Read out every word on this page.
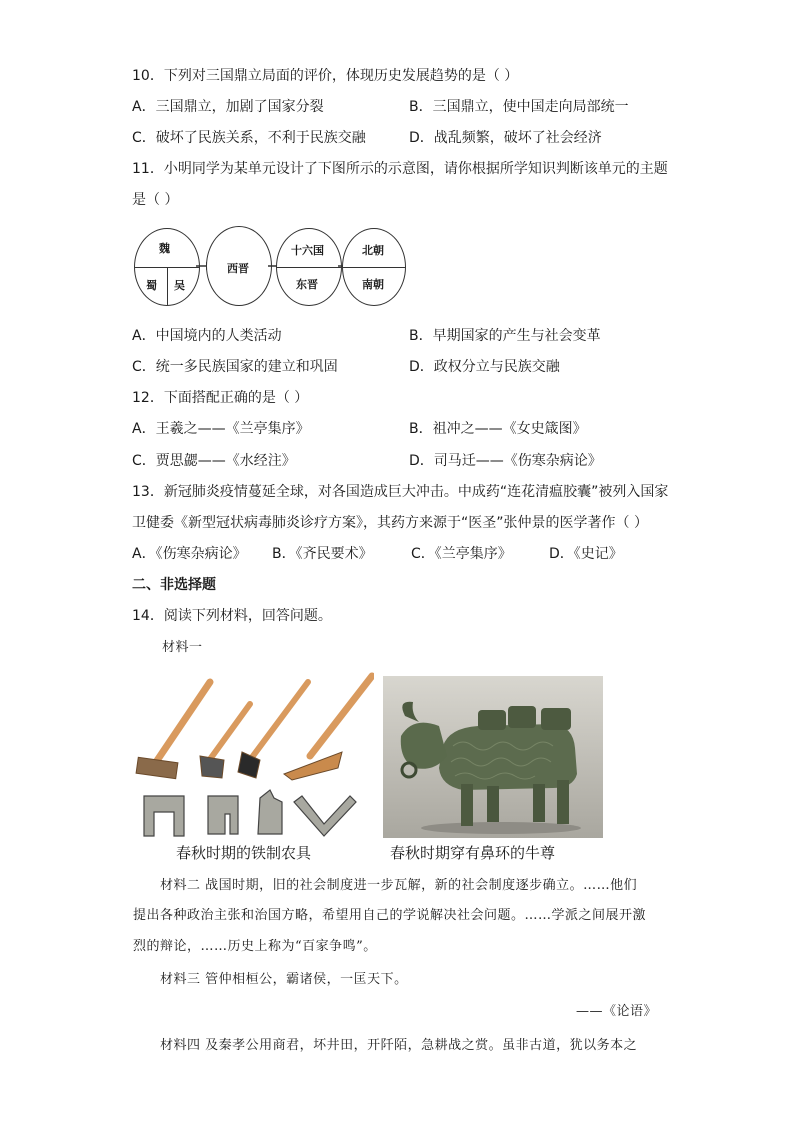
10．下列对三国鼎立局面的评价，体现历史发展趋势的是（ ）
A．三国鼎立，加剧了国家分裂	B．三国鼎立，使中国走向局部统一
C．破坏了民族关系，不利于民族交融	D．战乱频繁，破坏了社会经济
11．小明同学为某单元设计了下图所示的示意图，请你根据所学知识判断该单元的主题
是（ ）
魏
蜀 吴
西晋
十六国
东晋
北朝
南朝
A．中国境内的人类活动	B．早期国家的产生与社会变革
C．统一多民族国家的建立和巩固	D．政权分立与民族交融
12．下面搭配正确的是（ ）
A．王羲之——《兰亭集序》	B．祖冲之——《女史箴图》
C．贾思勰——《水经注》	D．司马迁——《伤寒杂病论》
13．新冠肺炎疫情蔓延全球，对各国造成巨大冲击。中成药“连花清瘟胶囊”被列入国家
卫健委《新型冠状病毒肺炎诊疗方案》，其药方来源于“医圣”张仲景的医学著作（ ）
A．《伤寒杂病论》 B．《齐民要术》	C．《兰亭集序》	D．《史记》
二、非选择题
14．阅读下列材料，回答问题。
材料一
春秋时期的铁制农具	春秋时期穿有鼻环的牛尊
材料二 战国时期，旧的社会制度进一步瓦解，新的社会制度逐步确立。……他们
提出各种政治主张和治国方略，希望用自己的学说解决社会问题。……学派之间展开激
烈的辩论，……历史上称为“百家争鸣”。
材料三 管仲相桓公，霸诸侯，一匡天下。
——《论语》
材料四 及秦孝公用商君，坏井田，开阡陌，急耕战之赏。虽非古道，犹以务本之
